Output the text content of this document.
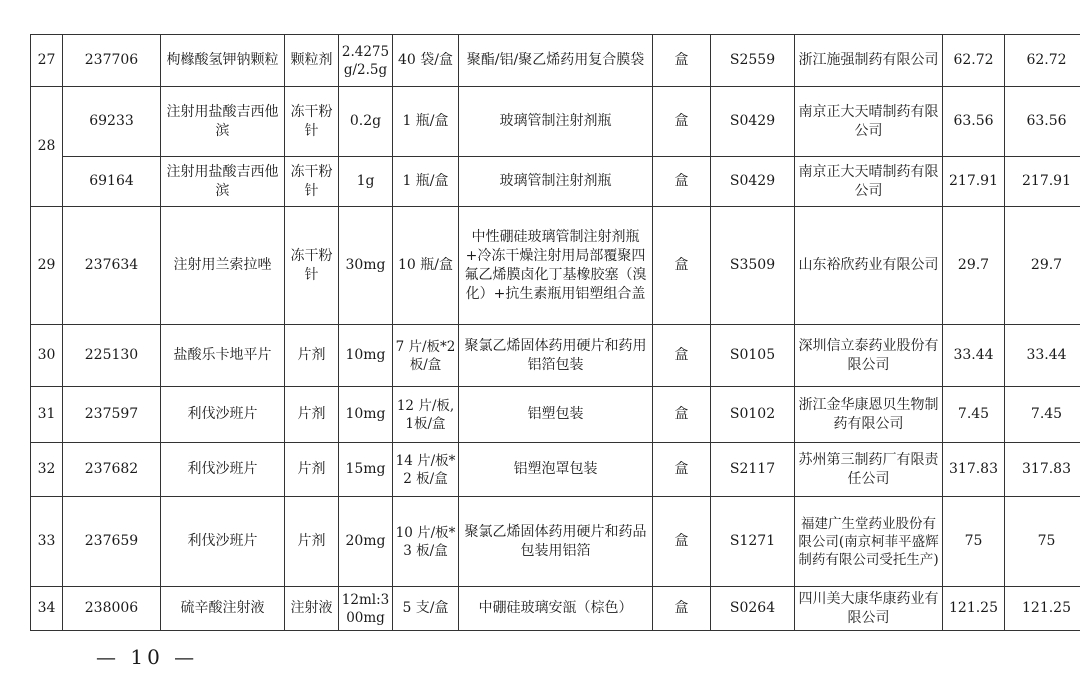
27	237706	枸橼酸氢钾钠颗粒	颗粒剂	2.4275g/2.5g	40 袋/盒	聚酯/铝/聚乙烯药用复合膜袋	盒	S2559	浙江施强制药有限公司	62.72	62.72
28	69233	注射用盐酸吉西他滨	冻干粉针	0.2g	1 瓶/盒	玻璃管制注射剂瓶	盒	S0429	南京正大天晴制药有限公司	63.56	63.56
	69164	注射用盐酸吉西他滨	冻干粉针	1g	1 瓶/盒	玻璃管制注射剂瓶	盒	S0429	南京正大天晴制药有限公司	217.91	217.91
29	237634	注射用兰索拉唑	冻干粉针	30mg	10 瓶/盒	中性硼硅玻璃管制注射剂瓶+冷冻干燥注射用局部覆聚四氟乙烯膜卤化丁基橡胶塞（溴化）+抗生素瓶用铝塑组合盖	盒	S3509	山东裕欣药业有限公司	29.7	29.7
30	225130	盐酸乐卡地平片	片剂	10mg	7 片/板*2板/盒	聚氯乙烯固体药用硬片和药用铝箔包装	盒	S0105	深圳信立泰药业股份有限公司	33.44	33.44
31	237597	利伐沙班片	片剂	10mg	12 片/板,1板/盒	铝塑包装	盒	S0102	浙江金华康恩贝生物制药有限公司	7.45	7.45
32	237682	利伐沙班片	片剂	15mg	14 片/板*2 板/盒	铝塑泡罩包装	盒	S2117	苏州第三制药厂有限责任公司	317.83	317.83
33	237659	利伐沙班片	片剂	20mg	10 片/板*3 板/盒	聚氯乙烯固体药用硬片和药品包装用铝箔	盒	S1271	福建广生堂药业股份有限公司(南京柯菲平盛辉制药有限公司受托生产)	75	75
34	238006	硫辛酸注射液	注射液	12ml:300mg	5 支/盒	中硼硅玻璃安瓿（棕色）	盒	S0264	四川美大康华康药业有限公司	121.25	121.25
— 10 —
